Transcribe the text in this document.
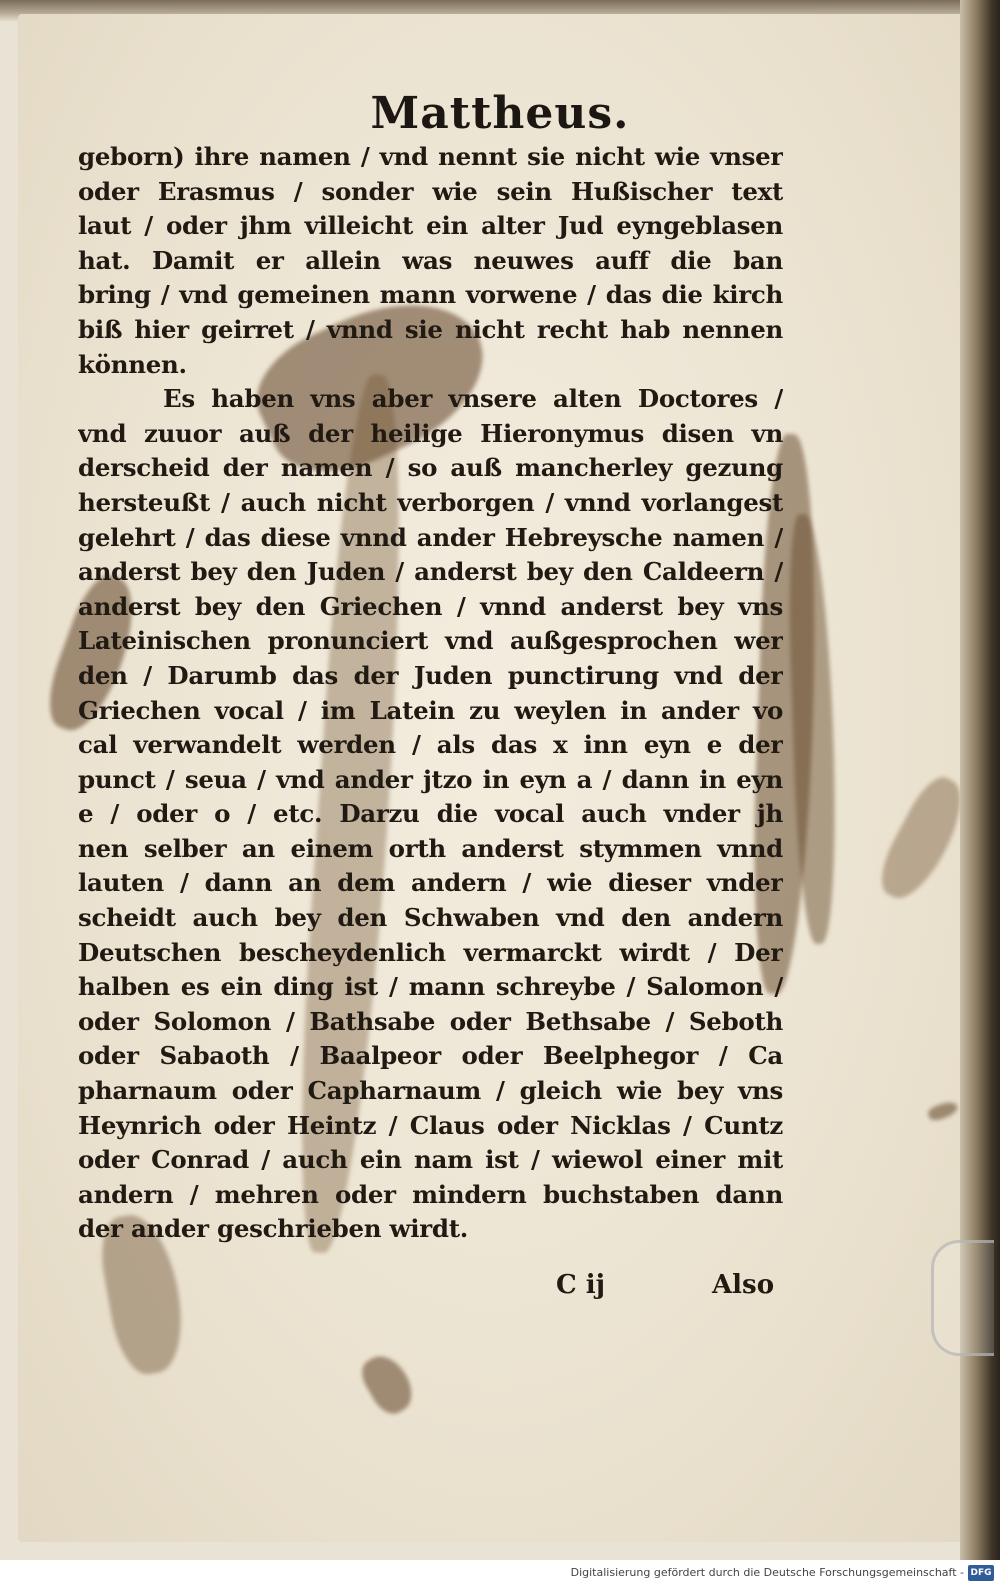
Mattheus.
geborn) ihre namen / vnd nennt sie nicht wie vnser
oder Erasmus / sonder wie sein Hußischer text
laut / oder jhm villeicht ein alter Jud eyngeblasen
hat. Damit er allein was neuwes auff die ban
bring / vnd gemeinen mann vorwene / das die kirch
biß hier geirret / vnnd sie nicht recht hab nennen
können.
Es haben vns aber vnsere alten Doctores /
vnd zuuor auß der heilige Hieronymus disen vn
derscheid der namen / so auß mancherley gezung
hersteußt / auch nicht verborgen / vnnd vorlangest
gelehrt / das diese vnnd ander Hebreysche namen /
anderst bey den Juden / anderst bey den Caldeern /
anderst bey den Griechen / vnnd anderst bey vns
Lateinischen pronunciert vnd außgesprochen wer
den / Darumb das der Juden punctirung vnd der
Griechen vocal / im Latein zu weylen in ander vo
cal verwandelt werden / als das x inn eyn e der
punct / seua / vnd ander jtzo in eyn a / dann in eyn
e / oder o / etc. Darzu die vocal auch vnder jh
nen selber an einem orth anderst stymmen vnnd
lauten / dann an dem andern / wie dieser vnder
scheidt auch bey den Schwaben vnd den andern
Deutschen bescheydenlich vermarckt wirdt / Der
halben es ein ding ist / mann schreybe / Salomon /
oder Solomon / Bathsabe oder Bethsabe / Seboth
oder Sabaoth / Baalpeor oder Beelphegor / Ca
pharnaum oder Capharnaum / gleich wie bey vns
Heynrich oder Heintz / Claus oder Nicklas / Cuntz
oder Conrad / auch ein nam ist / wiewol einer mit
andern / mehren oder mindern buchstaben dann
der ander geschrieben wirdt.
C ij	Also
Digitalisierung gefördert durch die Deutsche Forschungsgemeinschaft - DFG
